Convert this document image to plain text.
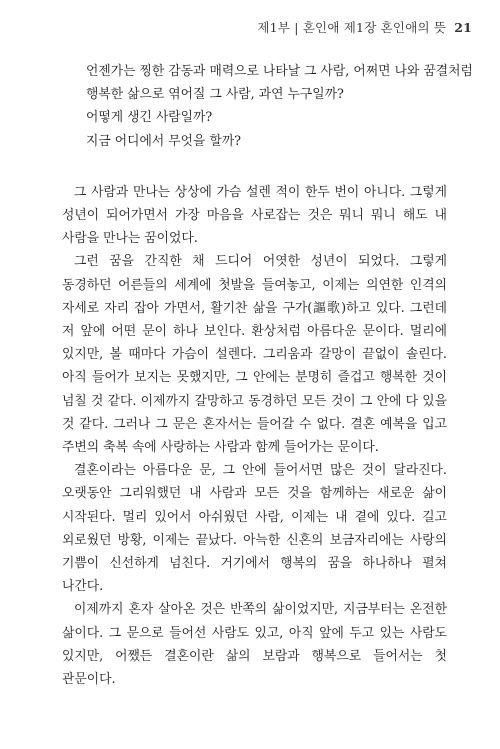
제1부 | 혼인애 제1장 혼인애의 뜻 21

언젠가는 찡한 감동과 매력으로 나타날 그 사람, 어쩌면 나와 꿈결처럼

행복한 삶으로 엮어질 그 사람, 과연 누구일까?

어떻게 생긴 사람일까?

지금 어디에서 무엇을 할까?

그 사람과 만나는 상상에 가슴 설렌 적이 한두 번이 아니다. 그렇게 성년이 되어가면서 가장 마음을 사로잡는 것은 뭐니 뭐니 해도 내 사람을 만나는 꿈이었다.

그런 꿈을 간직한 채 드디어 어엿한 성년이 되었다. 그렇게 동경하던 어른들의 세계에 첫발을 들여놓고, 이제는 의연한 인격의 자세로 자리 잡아 가면서, 활기찬 삶을 구가(謳歌)하고 있다. 그런데 저 앞에 어떤 문이 하나 보인다. 환상처럼 아름다운 문이다. 멀리에 있지만, 볼 때마다 가슴이 설렌다. 그리움과 갈망이 끝없이 솔린다. 아직 들어가 보지는 못했지만, 그 안에는 분명히 즐겁고 행복한 것이 넘칠 것 같다. 이제까지 갈망하고 동경하던 모든 것이 그 안에 다 있을 것 같다. 그러나 그 문은 혼자서는 들어갈 수 없다. 결혼 예복을 입고 주변의 축복 속에 사랑하는 사람과 함께 들어가는 문이다.

결혼이라는 아름다운 문, 그 안에 들어서면 많은 것이 달라진다. 오랫동안 그리워했던 내 사람과 모든 것을 함께하는 새로운 삶이 시작된다. 멀리 있어서 아쉬웠던 사람, 이제는 내 곁에 있다. 길고 외로웠던 방황, 이제는 끝났다. 아늑한 신혼의 보금자리에는 사랑의 기쁨이 신선하게 넘친다. 거기에서 행복의 꿈을 하나하나 펼쳐 나간다.

이제까지 혼자 살아온 것은 반쪽의 삶이었지만, 지금부터는 온전한 삶이다. 그 문으로 들어선 사람도 있고, 아직 앞에 두고 있는 사람도 있지만, 어쨌든 결혼이란 삶의 보람과 행복으로 들어서는 첫 관문이다.
